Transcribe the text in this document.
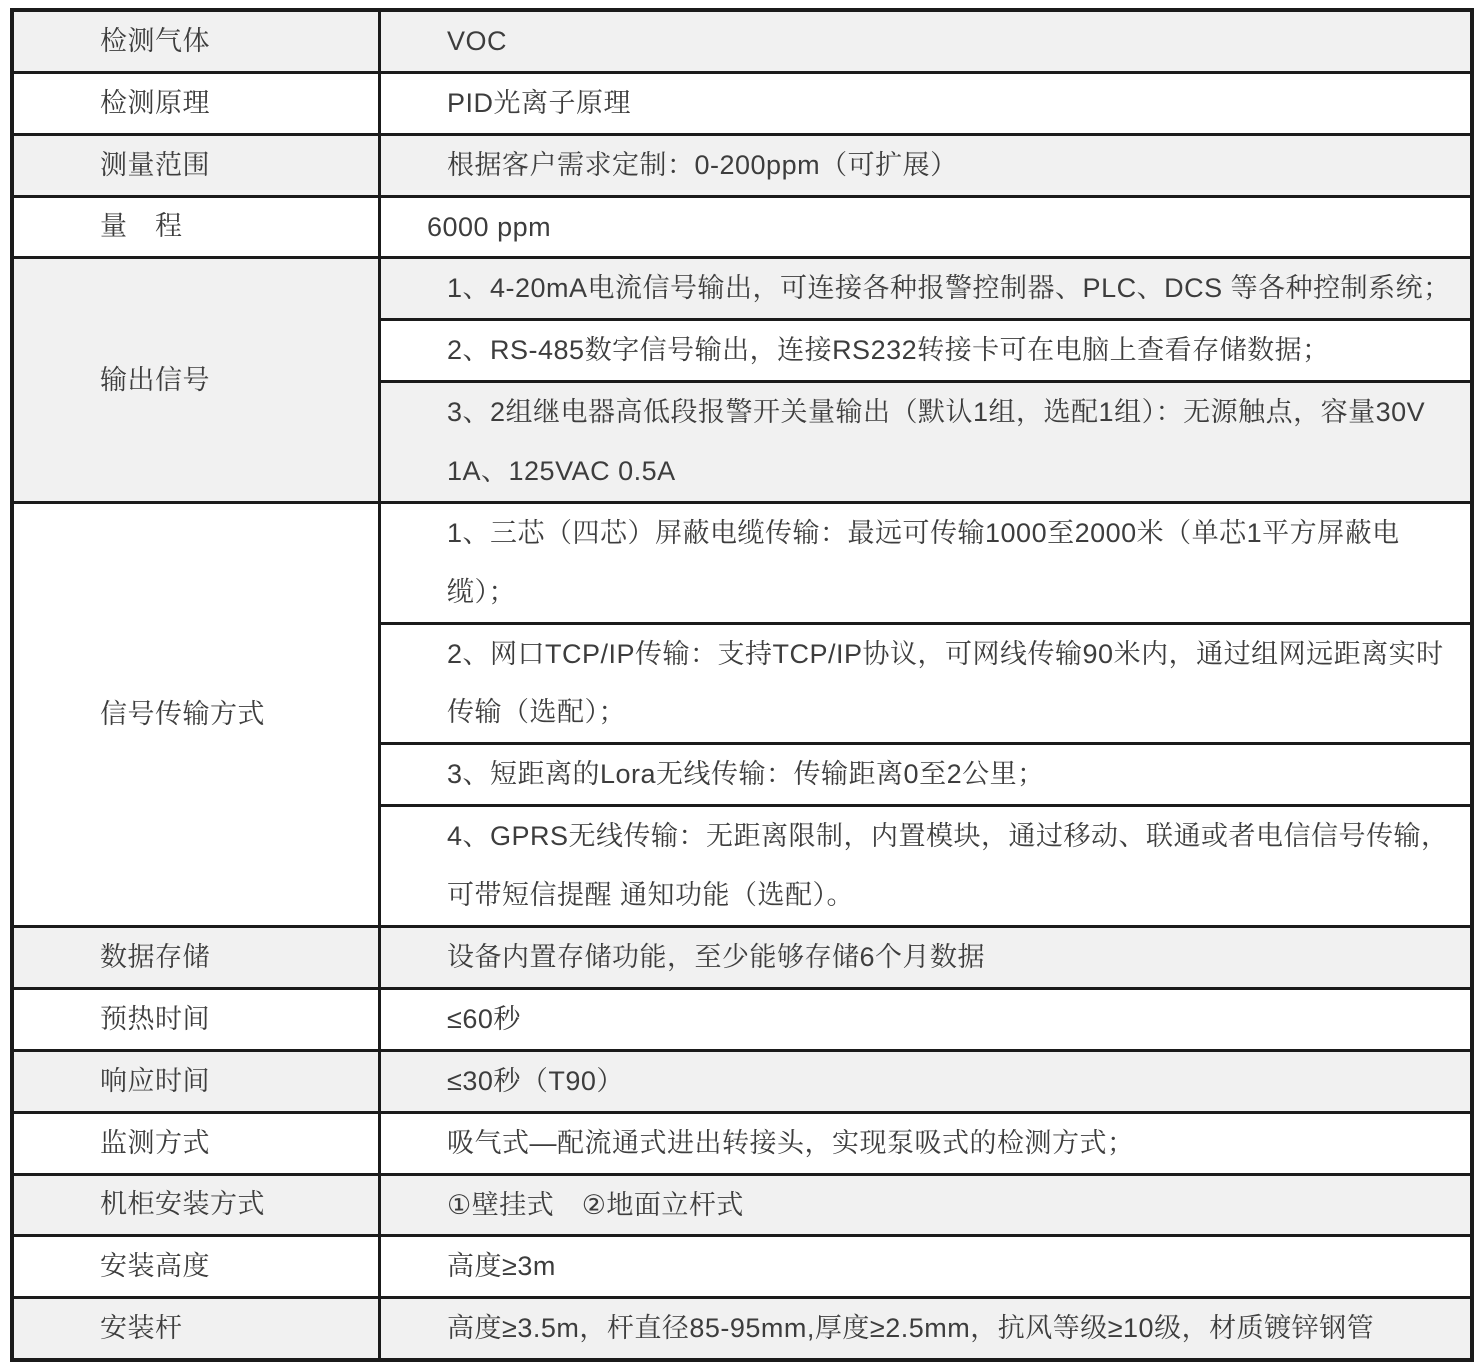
检测气体	VOC
检测原理	PID光离子原理
测量范围	根据客户需求定制：0-200ppm（可扩展）
量　程	6000 ppm
输出信号	1、4-20mA电流信号输出，可连接各种报警控制器、PLC、DCS 等各种控制系统；
	2、RS-485数字信号输出，连接RS232转接卡可在电脑上查看存储数据；
	3、2组继电器高低段报警开关量输出（默认1组，选配1组）：无源触点，容量30V 1A、125VAC 0.5A
信号传输方式	1、三芯（四芯）屏蔽电缆传输：最远可传输1000至2000米（单芯1平方屏蔽电缆）；
	2、网口TCP/IP传输：支持TCP/IP协议，可网线传输90米内，通过组网远距离实时传输（选配）；
	3、短距离的Lora无线传输：传输距离0至2公里；
	4、GPRS无线传输：无距离限制，内置模块，通过移动、联通或者电信信号传输，可带短信提醒 通知功能（选配）。
数据存储	设备内置存储功能，至少能够存储6个月数据
预热时间	≤60秒
响应时间	≤30秒（T90）
监测方式	吸气式—配流通式进出转接头，实现泵吸式的检测方式；
机柜安装方式	①壁挂式　②地面立杆式
安装高度	高度≥3m
安装杆	高度≥3.5m，杆直径85-95mm,厚度≥2.5mm，抗风等级≥10级，材质镀锌钢管
